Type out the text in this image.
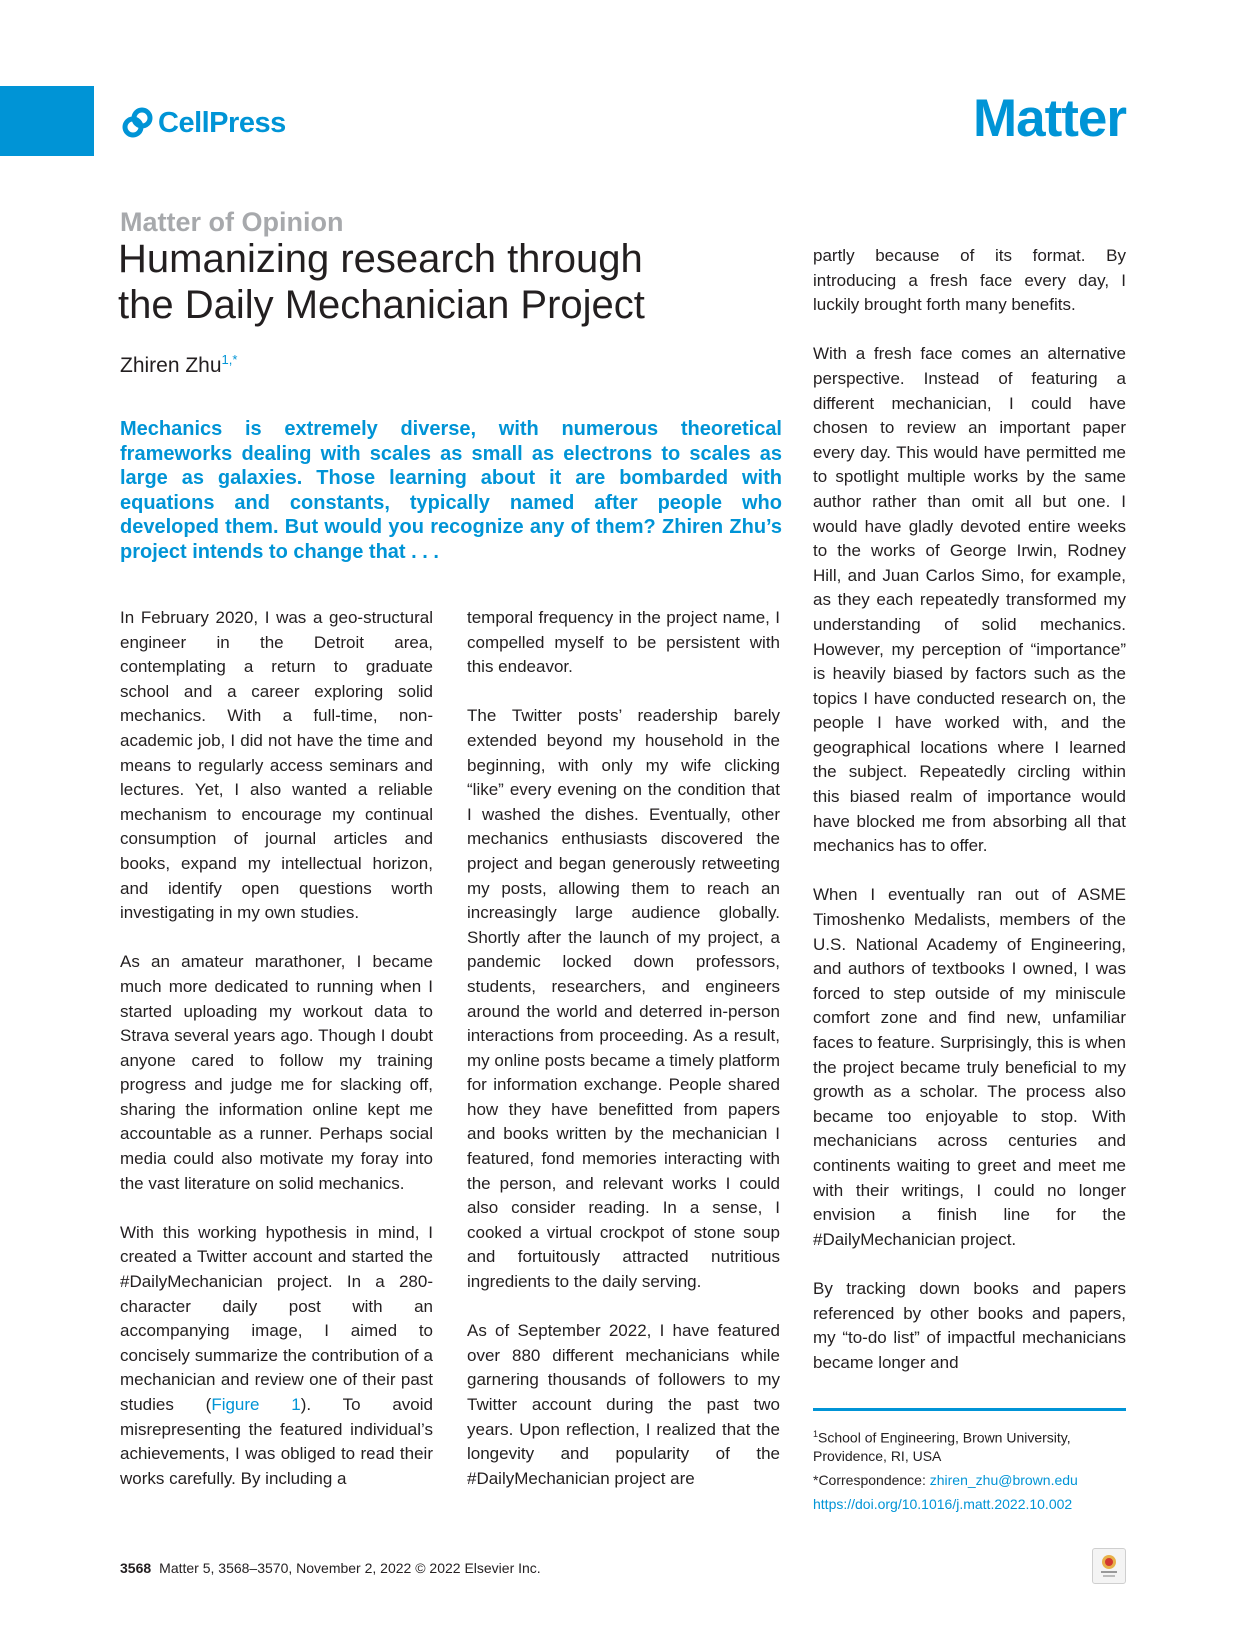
CellPress	Matter
Matter of Opinion
Humanizing research through
the Daily Mechanician Project
Zhiren Zhu$^{1,*}$
Mechanics is extremely diverse, with numerous theoretical frameworks dealing with scales as small as electrons to scales as large as galaxies. Those learning about it are bombarded with equations and constants, typically named after people who developed them. But would you recognize any of them? Zhiren Zhu’s project intends to change that . . .

In February 2020, I was a geo-structural engineer in the Detroit area, contemplating a return to graduate school and a career exploring solid mechanics. With a full-time, non-academic job, I did not have the time and means to regularly access seminars and lectures. Yet, I also wanted a reliable mechanism to encourage my continual consumption of journal articles and books, expand my intellectual horizon, and identify open questions worth investigating in my own studies.

As an amateur marathoner, I became much more dedicated to running when I started uploading my workout data to Strava several years ago. Though I doubt anyone cared to follow my training progress and judge me for slacking off, sharing the information online kept me accountable as a runner. Perhaps social media could also motivate my foray into the vast literature on solid mechanics.

With this working hypothesis in mind, I created a Twitter account and started the #DailyMechanician project. In a 280-character daily post with an accompanying image, I aimed to concisely summarize the contribution of a mechanician and review one of their past studies (Figure 1). To avoid misrepresenting the featured individual’s achievements, I was obliged to read their works carefully. By including a

temporal frequency in the project name, I compelled myself to be persistent with this endeavor.

The Twitter posts’ readership barely extended beyond my household in the beginning, with only my wife clicking “like” every evening on the condition that I washed the dishes. Eventually, other mechanics enthusiasts discovered the project and began generously retweeting my posts, allowing them to reach an increasingly large audience globally. Shortly after the launch of my project, a pandemic locked down professors, students, researchers, and engineers around the world and deterred in-person interactions from proceeding. As a result, my online posts became a timely platform for information exchange. People shared how they have benefitted from papers and books written by the mechanician I featured, fond memories interacting with the person, and relevant works I could also consider reading. In a sense, I cooked a virtual crockpot of stone soup and fortuitously attracted nutritious ingredients to the daily serving.

As of September 2022, I have featured over 880 different mechanicians while garnering thousands of followers to my Twitter account during the past two years. Upon reflection, I realized that the longevity and popularity of the #DailyMechanician project are

partly because of its format. By introducing a fresh face every day, I luckily brought forth many benefits.

With a fresh face comes an alternative perspective. Instead of featuring a different mechanician, I could have chosen to review an important paper every day. This would have permitted me to spotlight multiple works by the same author rather than omit all but one. I would have gladly devoted entire weeks to the works of George Irwin, Rodney Hill, and Juan Carlos Simo, for example, as they each repeatedly transformed my understanding of solid mechanics. However, my perception of “importance” is heavily biased by factors such as the topics I have conducted research on, the people I have worked with, and the geographical locations where I learned the subject. Repeatedly circling within this biased realm of importance would have blocked me from absorbing all that mechanics has to offer.

When I eventually ran out of ASME Timoshenko Medalists, members of the U.S. National Academy of Engineering, and authors of textbooks I owned, I was forced to step outside of my miniscule comfort zone and find new, unfamiliar faces to feature. Surprisingly, this is when the project became truly beneficial to my growth as a scholar. The process also became too enjoyable to stop. With mechanicians across centuries and continents waiting to greet and meet me with their writings, I could no longer envision a finish line for the #DailyMechanician project.

By tracking down books and papers referenced by other books and papers, my “to-do list” of impactful mechanicians became longer and

$^1$School of Engineering, Brown University, Providence, RI, USA
*Correspondence: zhiren_zhu@brown.edu
https://doi.org/10.1016/j.matt.2022.10.002
3568 Matter 5, 3568–3570, November 2, 2022 © 2022 Elsevier Inc.
